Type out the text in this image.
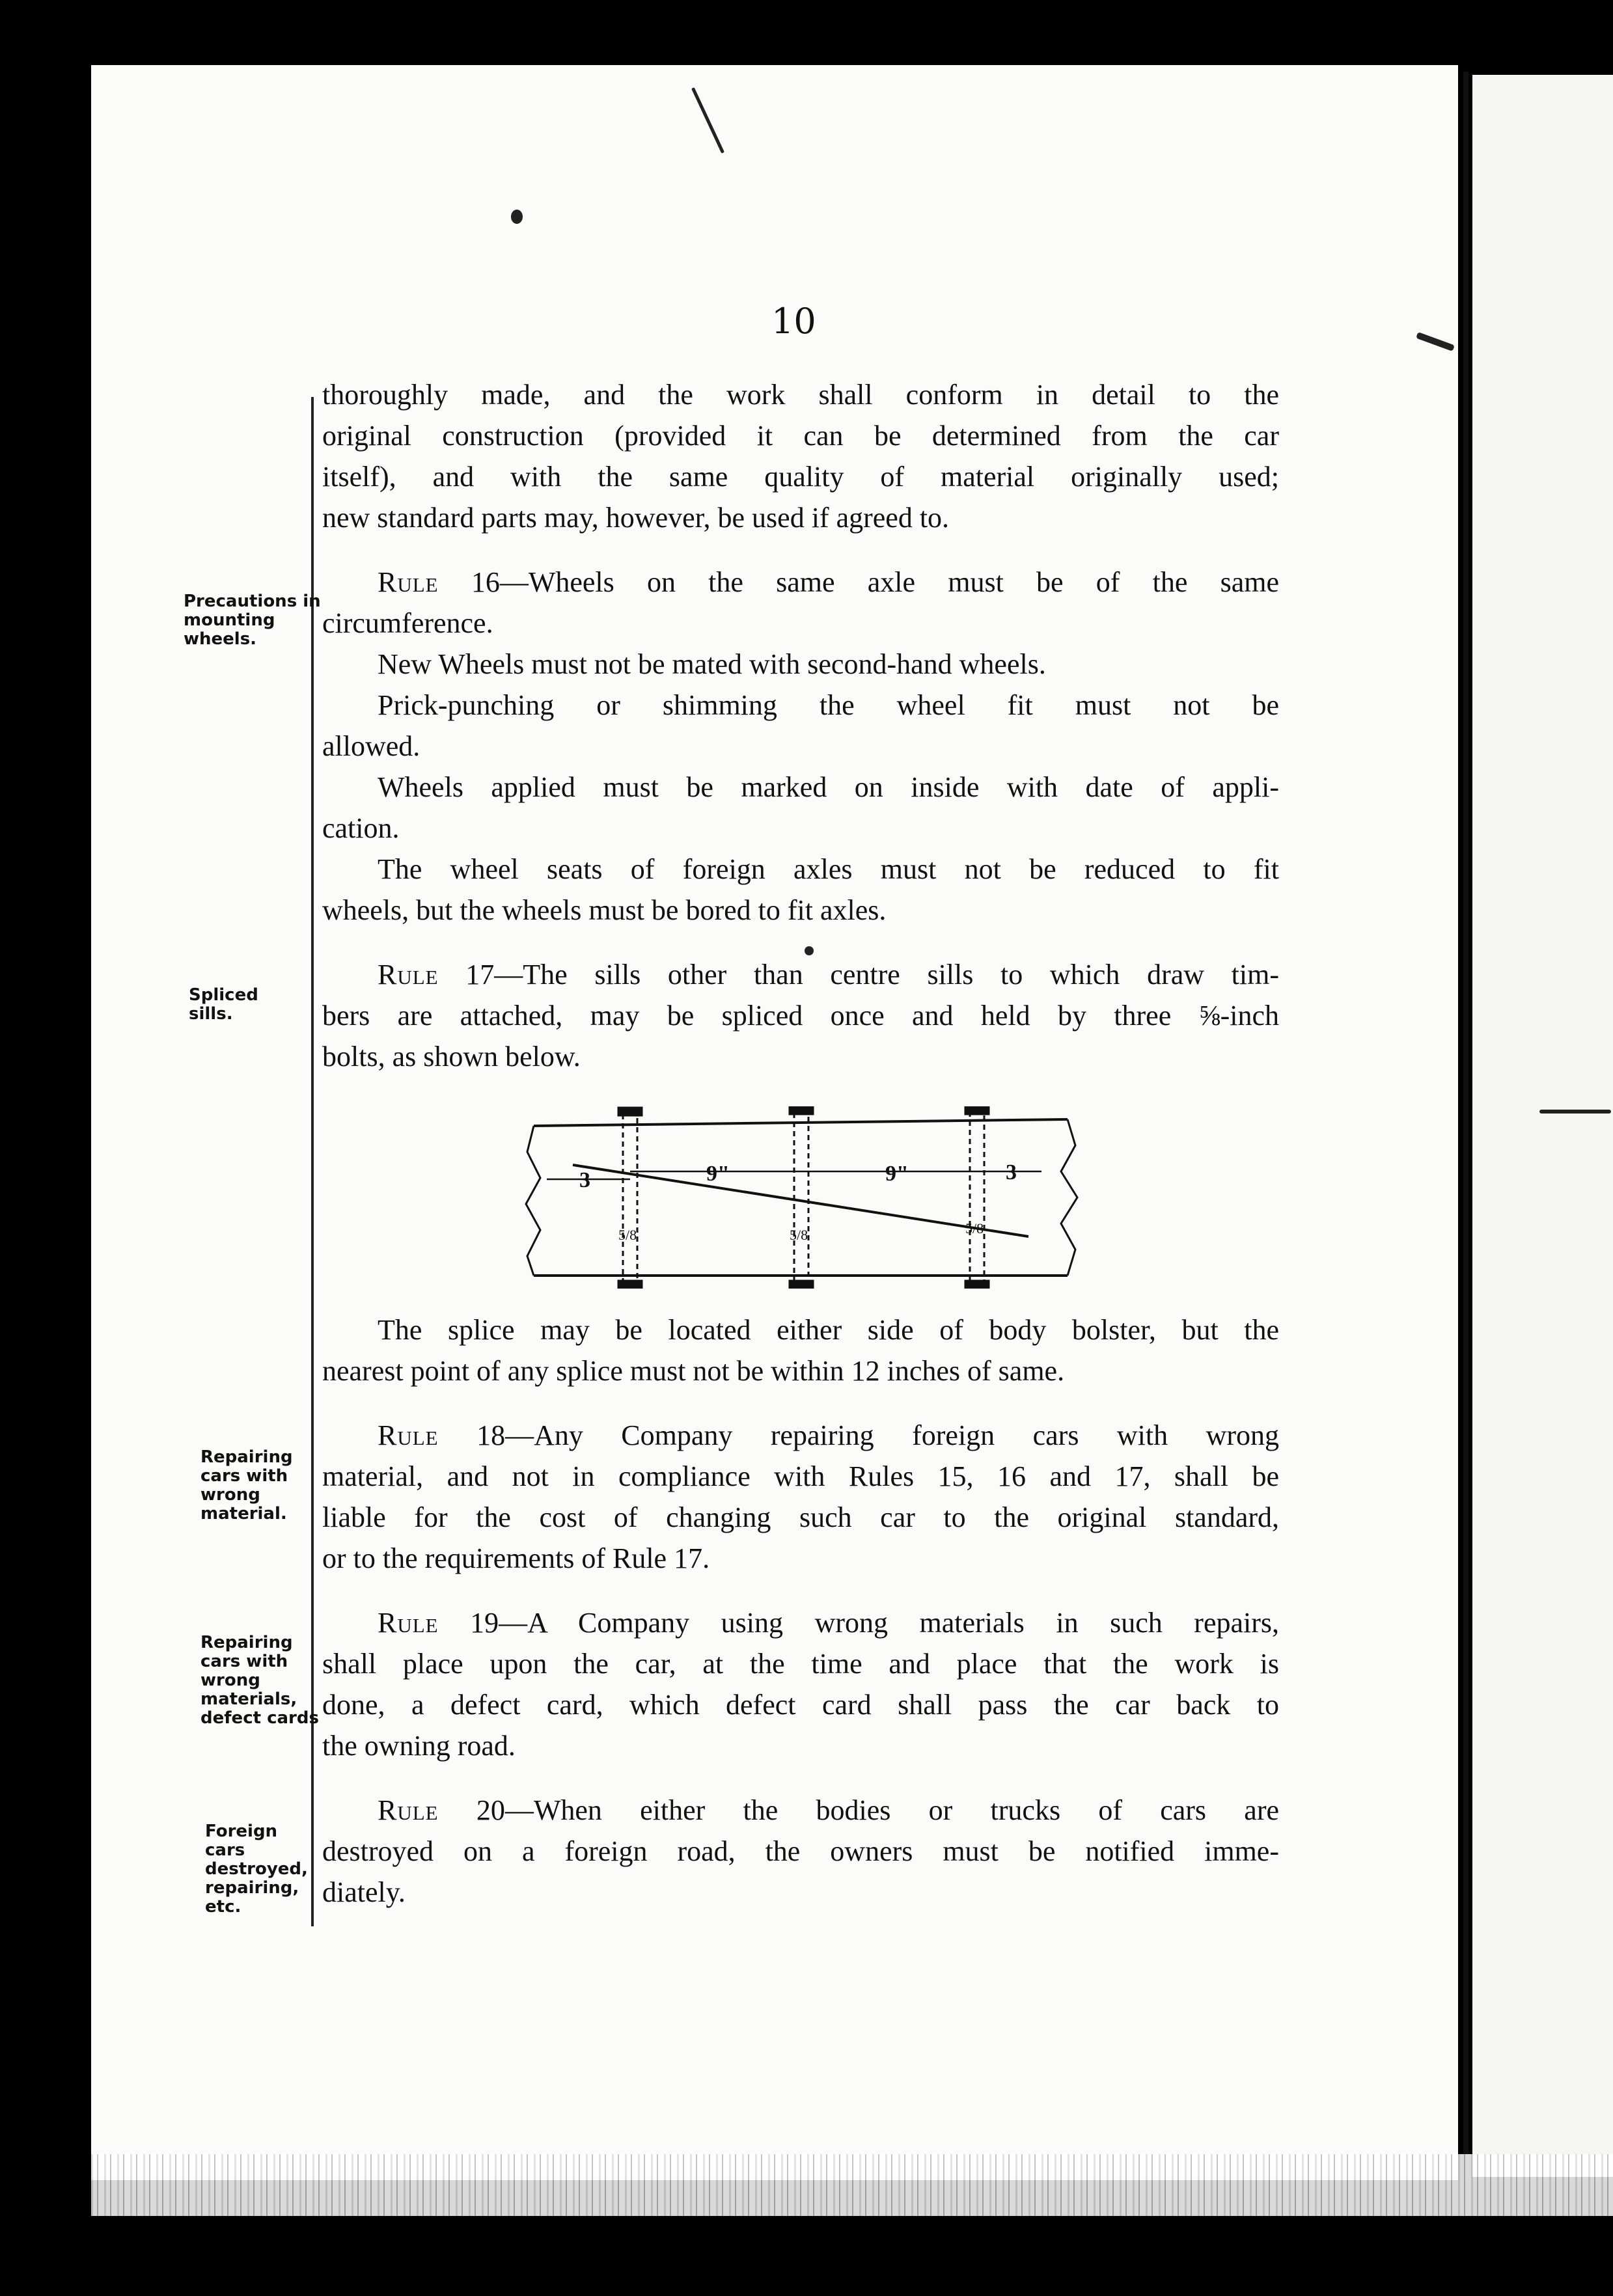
10
Precautions in mounting wheels.
Spliced sills.
Repairing cars with wrong material.
Repairing cars with wrong materials, defect cards
Foreign cars destroyed, repairing, etc.
thoroughly made, and the work shall conform in detail to the
original construction (provided it can be determined from the car
itself), and with the same quality of material originally used;
new standard parts may, however, be used if agreed to.
Rule 16—Wheels on the same axle must be of the same
circumference.
New Wheels must not be mated with second-hand wheels.
Prick-punching or shimming the wheel fit must not be
allowed.
Wheels applied must be marked on inside with date of appli-
cation.
The wheel seats of foreign axles must not be reduced to fit
wheels, but the wheels must be bored to fit axles.
Rule 17—The sills other than centre sills to which draw tim-
bers are attached, may be spliced once and held by three ⅝-inch
bolts, as shown below.
3	9"	9"	3
5/8	5/8	5/8
The splice may be located either side of body bolster, but the
nearest point of any splice must not be within 12 inches of same.
Rule 18—Any Company repairing foreign cars with wrong
material, and not in compliance with Rules 15, 16 and 17, shall be
liable for the cost of changing such car to the original standard,
or to the requirements of Rule 17.
Rule 19—A Company using wrong materials in such repairs,
shall place upon the car, at the time and place that the work is
done, a defect card, which defect card shall pass the car back to
the owning road.
Rule 20—When either the bodies or trucks of cars are
destroyed on a foreign road, the owners must be notified imme-
diately.
